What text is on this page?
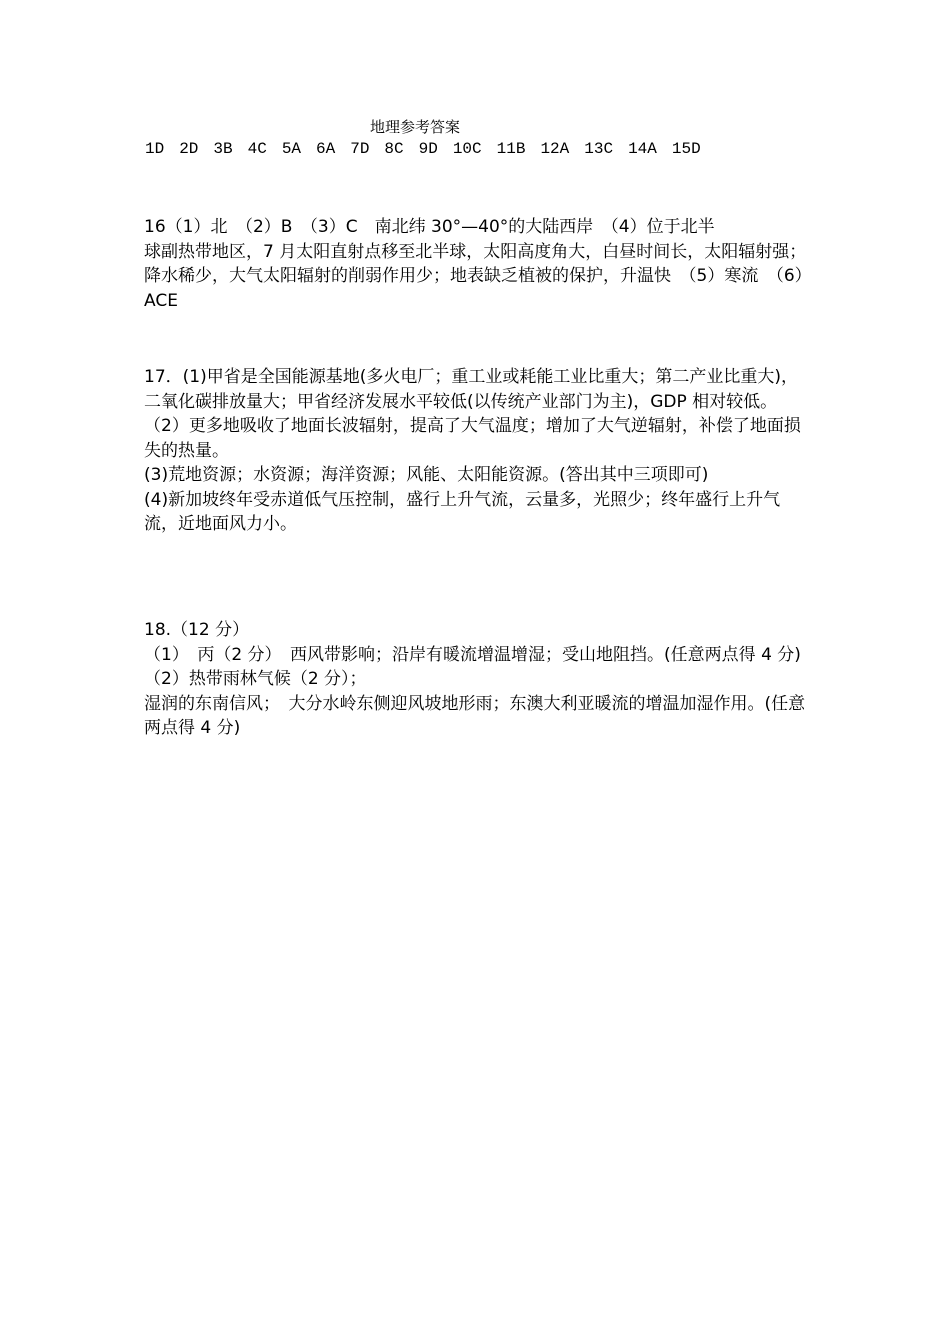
地理参考答案
1D 2D 3B 4C 5A 6A 7D 8C 9D 10C 11B 12A 13C 14A 15D

16（1）北　（2）B　（3）C　南北纬 30°—40°的大陆西岸　（4）位于北半

球副热带地区，7 月太阳直射点移至北半球，太阳高度角大，白昼时间长，太阳辐射强；降水稀少，大气太阳辐射的削弱作用少；地表缺乏植被的保护，升温快　（5）寒流　（6）ACE

17．(1)甲省是全国能源基地(多火电厂；重工业或耗能工业比重大；第二产业比重大)，二氧化碳排放量大；甲省经济发展水平较低(以传统产业部门为主)，GDP 相对较低。

（2）更多地吸收了地面长波辐射，提高了大气温度；增加了大气逆辐射，补偿了地面损失的热量。

(3)荒地资源；水资源；海洋资源；风能、太阳能资源。(答出其中三项即可)

(4)新加坡终年受赤道低气压控制，盛行上升气流，云量多，光照少；终年盛行上升气流，近地面风力小。

18.（12 分）

（1）　丙（2 分）　西风带影响；沿岸有暖流增温增湿；受山地阻挡。(任意两点得 4 分)

（2）热带雨林气候（2 分）；

湿润的东南信风；　大分水岭东侧迎风坡地形雨；东澳大利亚暖流的增温加湿作用。(任意两点得 4 分)
